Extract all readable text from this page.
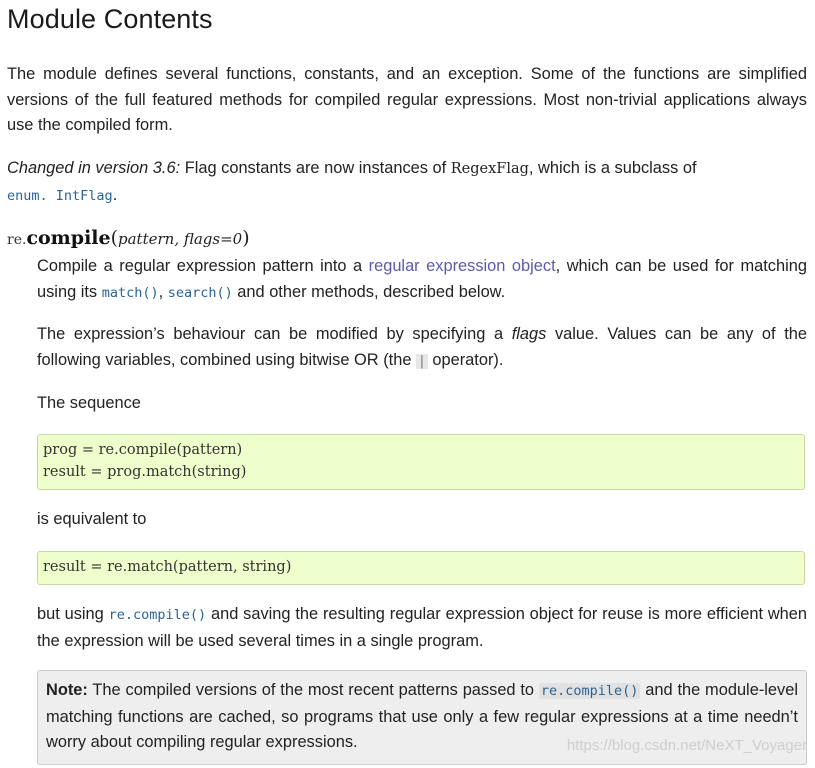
Module Contents

The module defines several functions, constants, and an exception. Some of the functions are simplified versions of the full featured methods for compiled regular expressions. Most non-trivial applications always use the compiled form.

Changed in version 3.6: Flag constants are now instances of RegexFlag, which is a subclass of
enum. IntFlag.

re.compile(pattern, flags=0)

Compile a regular expression pattern into a regular expression object, which can be used for matching using its match(), search() and other methods, described below.

The expression’s behaviour can be modified by specifying a flags value. Values can be any of the following variables, combined using bitwise OR (the | operator).

The sequence

prog = re.compile(pattern)
result = prog.match(string)

is equivalent to

result = re.match(pattern, string)

but using re.compile() and saving the resulting regular expression object for reuse is more efficient when the expression will be used several times in a single program.

Note: The compiled versions of the most recent patterns passed to re.compile() and the module-level matching functions are cached, so programs that use only a few regular expressions at a time needn’t worry about compiling regular expressions.	https://blog.csdn.net/NeXT_Voyager
